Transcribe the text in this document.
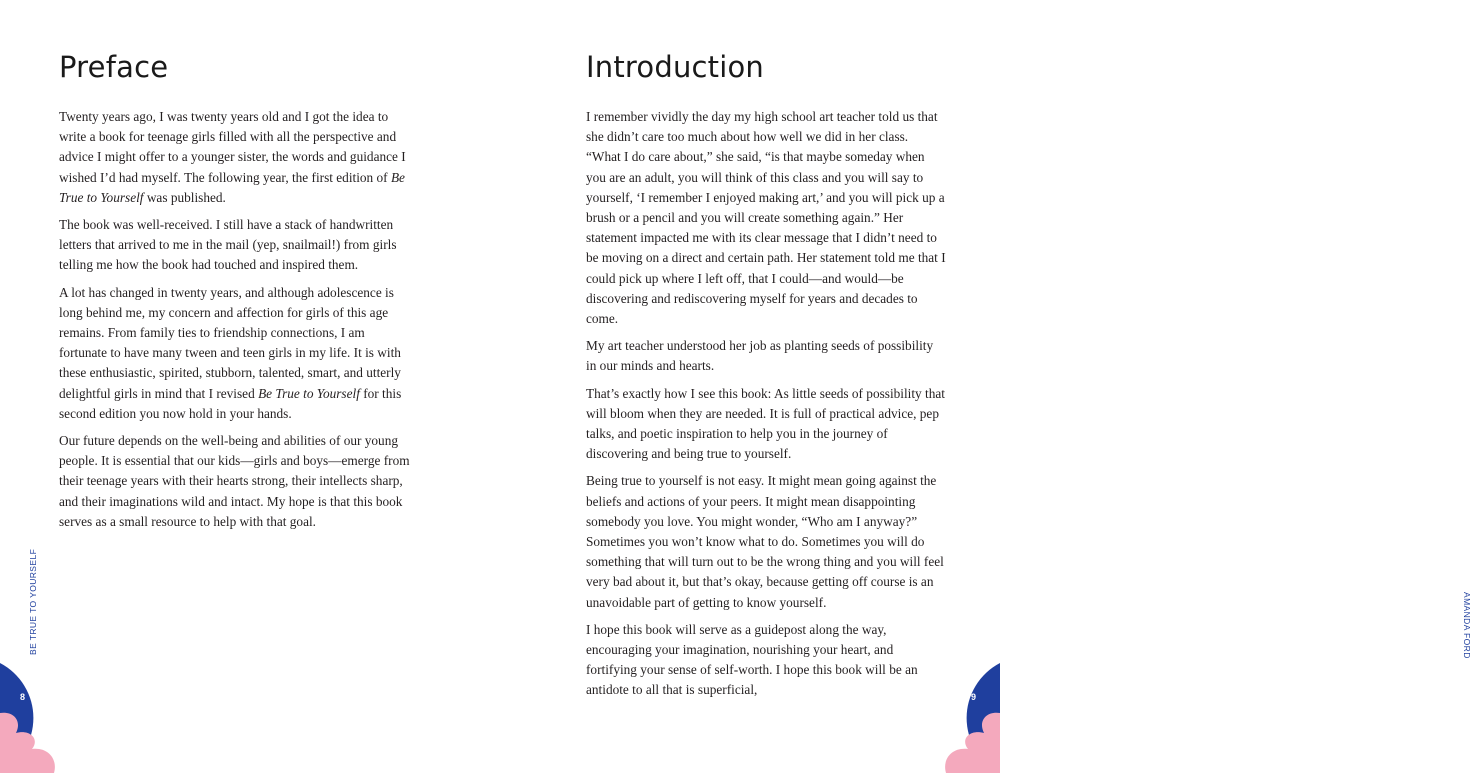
Preface

Twenty years ago, I was twenty years old and I got the idea to write a book for teenage girls filled with all the perspective and advice I might offer to a younger sister, the words and guidance I wished I’d had myself. The following year, the first edition of Be True to Yourself was published.

The book was well-received. I still have a stack of handwritten letters that arrived to me in the mail (yep, snailmail!) from girls telling me how the book had touched and inspired them.

A lot has changed in twenty years, and although adolescence is long behind me, my concern and affection for girls of this age remains. From family ties to friendship connections, I am fortunate to have many tween and teen girls in my life. It is with these enthusiastic, spirited, stubborn, talented, smart, and utterly delightful girls in mind that I revised Be True to Yourself for this second edition you now hold in your hands.

Our future depends on the well-being and abilities of our young people. It is essential that our kids—girls and boys—emerge from their teenage years with their hearts strong, their intellects sharp, and their imaginations wild and intact. My hope is that this book serves as a small resource to help with that goal.

BE TRUE TO YOURSELF
8
Introduction

I remember vividly the day my high school art teacher told us that she didn’t care too much about how well we did in her class. “What I do care about,” she said, “is that maybe someday when you are an adult, you will think of this class and you will say to yourself, ‘I remember I enjoyed making art,’ and you will pick up a brush or a pencil and you will create something again.” Her statement impacted me with its clear message that I didn’t need to be moving on a direct and certain path. Her statement told me that I could pick up where I left off, that I could—and would—be discovering and rediscovering myself for years and decades to come.

My art teacher understood her job as planting seeds of possibility in our minds and hearts.

That’s exactly how I see this book: As little seeds of possibility that will bloom when they are needed. It is full of practical advice, pep talks, and poetic inspiration to help you in the journey of discovering and being true to yourself.

Being true to yourself is not easy. It might mean going against the beliefs and actions of your peers. It might mean disappointing somebody you love. You might wonder, “Who am I anyway?” Sometimes you won’t know what to do. Sometimes you will do something that will turn out to be the wrong thing and you will feel very bad about it, but that’s okay, because getting off course is an unavoidable part of getting to know yourself.

I hope this book will serve as a guidepost along the way, encouraging your imagination, nourishing your heart, and fortifying your sense of self-worth. I hope this book will be an antidote to all that is superficial,

AMANDA FORD
9
